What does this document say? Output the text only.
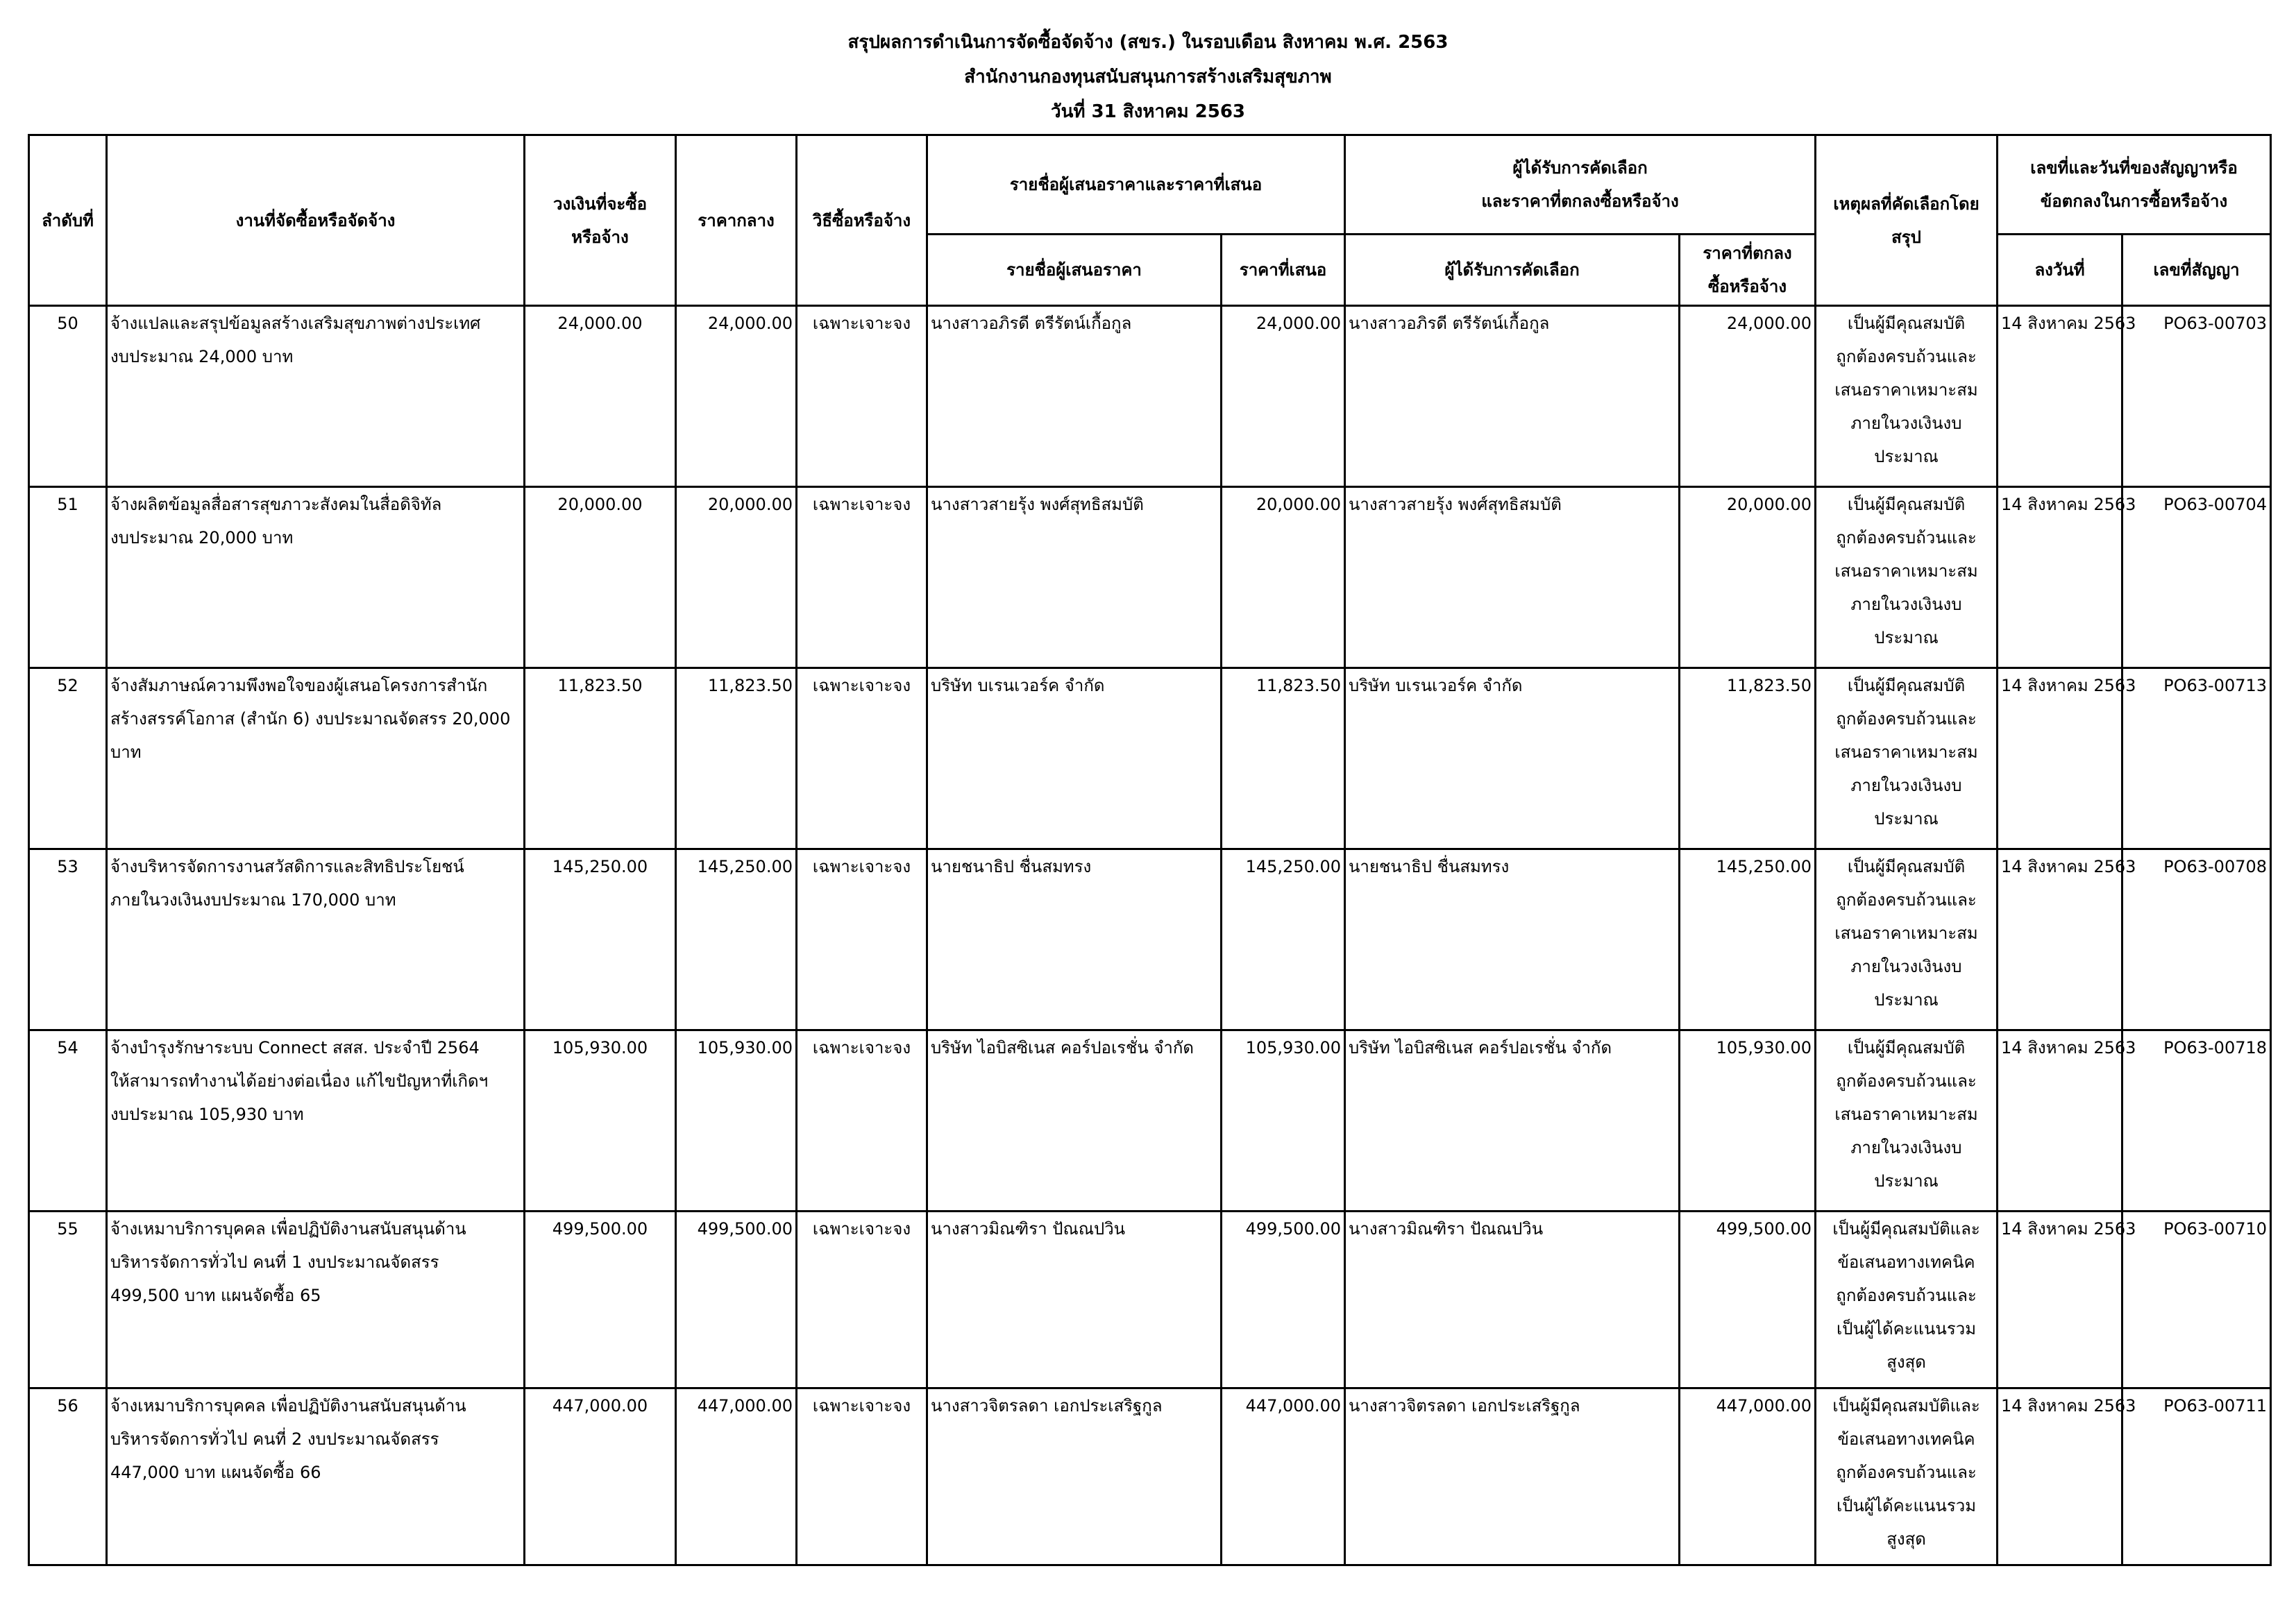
สรุปผลการดำเนินการจัดซื้อจัดจ้าง (สขร.) ในรอบเดือน สิงหาคม พ.ศ. 2563
สำนักงานกองทุนสนับสนุนการสร้างเสริมสุขภาพ
วันที่ 31 สิงหาคม 2563
ลำดับที่	งานที่จัดซื้อหรือจัดจ้าง	วงเงินที่จะซื้อ
หรือจ้าง	ราคากลาง	วิธีซื้อหรือจ้าง	รายชื่อผู้เสนอราคาและราคาที่เสนอ		ผู้ได้รับการคัดเลือก
และราคาที่ตกลงซื้อหรือจ้าง		เหตุผลที่คัดเลือกโดย
สรุป	เลขที่และวันที่ของสัญญาหรือ
ข้อตกลงในการซื้อหรือจ้าง	
					รายชื่อผู้เสนอราคา	ราคาที่เสนอ	ผู้ได้รับการคัดเลือก	ราคาที่ตกลง
ซื้อหรือจ้าง		ลงวันที่	เลขที่สัญญา
50	จ้างแปลและสรุปข้อมูลสร้างเสริมสุขภาพต่างประเทศ
งบประมาณ 24,000 บาท	24,000.00	24,000.00	เฉพาะเจาะจง	นางสาวอภิรดี ตรีรัตน์เกื้อกูล	24,000.00	นางสาวอภิรดี ตรีรัตน์เกื้อกูล	24,000.00	เป็นผู้มีคุณสมบัติ
ถูกต้องครบถ้วนและ
เสนอราคาเหมาะสม
ภายในวงเงินงบประมาณ	14 สิงหาคม 2563	PO63-00703
51	จ้างผลิตข้อมูลสื่อสารสุขภาวะสังคมในสื่อดิจิทัล
งบประมาณ 20,000 บาท	20,000.00	20,000.00	เฉพาะเจาะจง	นางสาวสายรุ้ง พงศ์สุทธิสมบัติ	20,000.00	นางสาวสายรุ้ง พงศ์สุทธิสมบัติ	20,000.00	เป็นผู้มีคุณสมบัติ
ถูกต้องครบถ้วนและ
เสนอราคาเหมาะสม
ภายในวงเงินงบประมาณ	14 สิงหาคม 2563	PO63-00704
52	จ้างสัมภาษณ์ความพึงพอใจของผู้เสนอโครงการสำนัก
สร้างสรรค์โอกาส (สำนัก 6) งบประมาณจัดสรร 20,000
บาท	11,823.50	11,823.50	เฉพาะเจาะจง	บริษัท บเรนเวอร์ค จำกัด	11,823.50	บริษัท บเรนเวอร์ค จำกัด	11,823.50	เป็นผู้มีคุณสมบัติ
ถูกต้องครบถ้วนและ
เสนอราคาเหมาะสม
ภายในวงเงินงบประมาณ	14 สิงหาคม 2563	PO63-00713
53	จ้างบริหารจัดการงานสวัสดิการและสิทธิประโยชน์
ภายในวงเงินงบประมาณ 170,000 บาท	145,250.00	145,250.00	เฉพาะเจาะจง	นายชนาธิป ชื่นสมทรง	145,250.00	นายชนาธิป ชื่นสมทรง	145,250.00	เป็นผู้มีคุณสมบัติ
ถูกต้องครบถ้วนและ
เสนอราคาเหมาะสม
ภายในวงเงินงบประมาณ	14 สิงหาคม 2563	PO63-00708
54	จ้างบำรุงรักษาระบบ Connect สสส. ประจำปี 2564
ให้สามารถทำงานได้อย่างต่อเนื่อง แก้ไขปัญหาที่เกิดฯ
งบประมาณ 105,930 บาท	105,930.00	105,930.00	เฉพาะเจาะจง	บริษัท ไอบิสซิเนส คอร์ปอเรชั่น จำกัด	105,930.00	บริษัท ไอบิสซิเนส คอร์ปอเรชั่น จำกัด	105,930.00	เป็นผู้มีคุณสมบัติ
ถูกต้องครบถ้วนและ
เสนอราคาเหมาะสม
ภายในวงเงินงบประมาณ	14 สิงหาคม 2563	PO63-00718
55	จ้างเหมาบริการบุคคล เพื่อปฏิบัติงานสนับสนุนด้าน
บริหารจัดการทั่วไป คนที่ 1 งบประมาณจัดสรร
499,500 บาท แผนจัดซื้อ 65	499,500.00	499,500.00	เฉพาะเจาะจง	นางสาวมิณฑิรา ปัณณปวิน	499,500.00	นางสาวมิณฑิรา ปัณณปวิน	499,500.00	เป็นผู้มีคุณสมบัติและ
ข้อเสนอทางเทคนิค
ถูกต้องครบถ้วนและ
เป็นผู้ได้คะแนนรวม
สูงสุด	14 สิงหาคม 2563	PO63-00710
56	จ้างเหมาบริการบุคคล เพื่อปฏิบัติงานสนับสนุนด้าน
บริหารจัดการทั่วไป คนที่ 2 งบประมาณจัดสรร
447,000 บาท แผนจัดซื้อ 66	447,000.00	447,000.00	เฉพาะเจาะจง	นางสาวจิตรลดา เอกประเสริฐกูล	447,000.00	นางสาวจิตรลดา เอกประเสริฐกูล	447,000.00	เป็นผู้มีคุณสมบัติและ
ข้อเสนอทางเทคนิค
ถูกต้องครบถ้วนและ
เป็นผู้ได้คะแนนรวม
สูงสุด	14 สิงหาคม 2563	PO63-00711
